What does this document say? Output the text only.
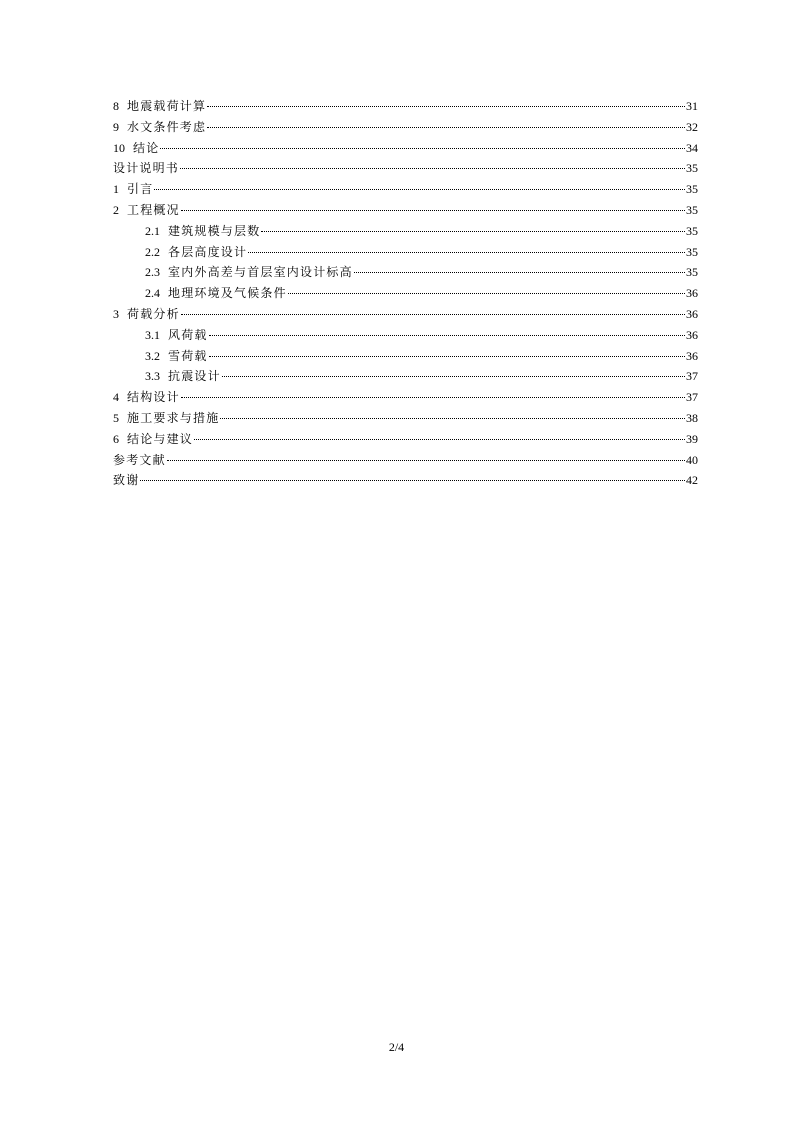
8 地震载荷计算	31
9 水文条件考虑	32
10 结论	34
设计说明书	35
1 引言	35
2 工程概况	35
2.1 建筑规模与层数	35
2.2 各层高度设计	35
2.3 室内外高差与首层室内设计标高	35
2.4 地理环境及气候条件	36
3 荷载分析	36
3.1 风荷载	36
3.2 雪荷载	36
3.3 抗震设计	37
4 结构设计	37
5 施工要求与措施	38
6 结论与建议	39
参考文献	40
致谢	42
2/4
